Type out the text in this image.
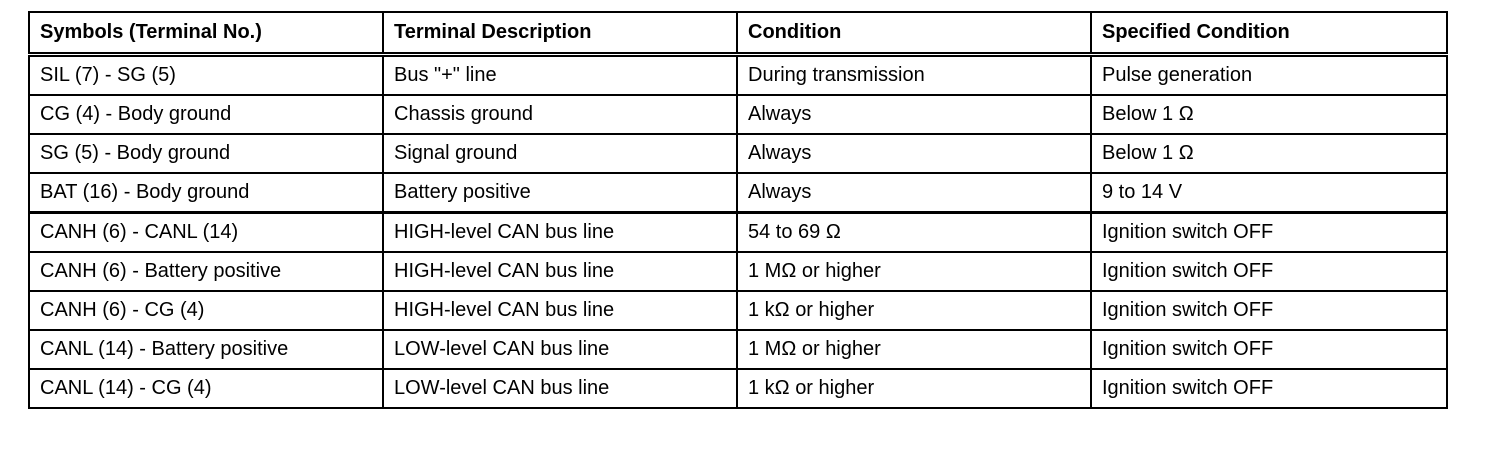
Symbols (Terminal No.)	Terminal Description	Condition	Specified Condition
SIL (7) - SG (5)	Bus "+" line	During transmission	Pulse generation
CG (4) - Body ground	Chassis ground	Always	Below 1 Ω
SG (5) - Body ground	Signal ground	Always	Below 1 Ω
BAT (16) - Body ground	Battery positive	Always	9 to 14 V
CANH (6) - CANL (14)	HIGH-level CAN bus line	54 to 69 Ω	Ignition switch OFF
CANH (6) - Battery positive	HIGH-level CAN bus line	1 MΩ or higher	Ignition switch OFF
CANH (6) - CG (4)	HIGH-level CAN bus line	1 kΩ or higher	Ignition switch OFF
CANL (14) - Battery positive	LOW-level CAN bus line	1 MΩ or higher	Ignition switch OFF
CANL (14) - CG (4)	LOW-level CAN bus line	1 kΩ or higher	Ignition switch OFF
